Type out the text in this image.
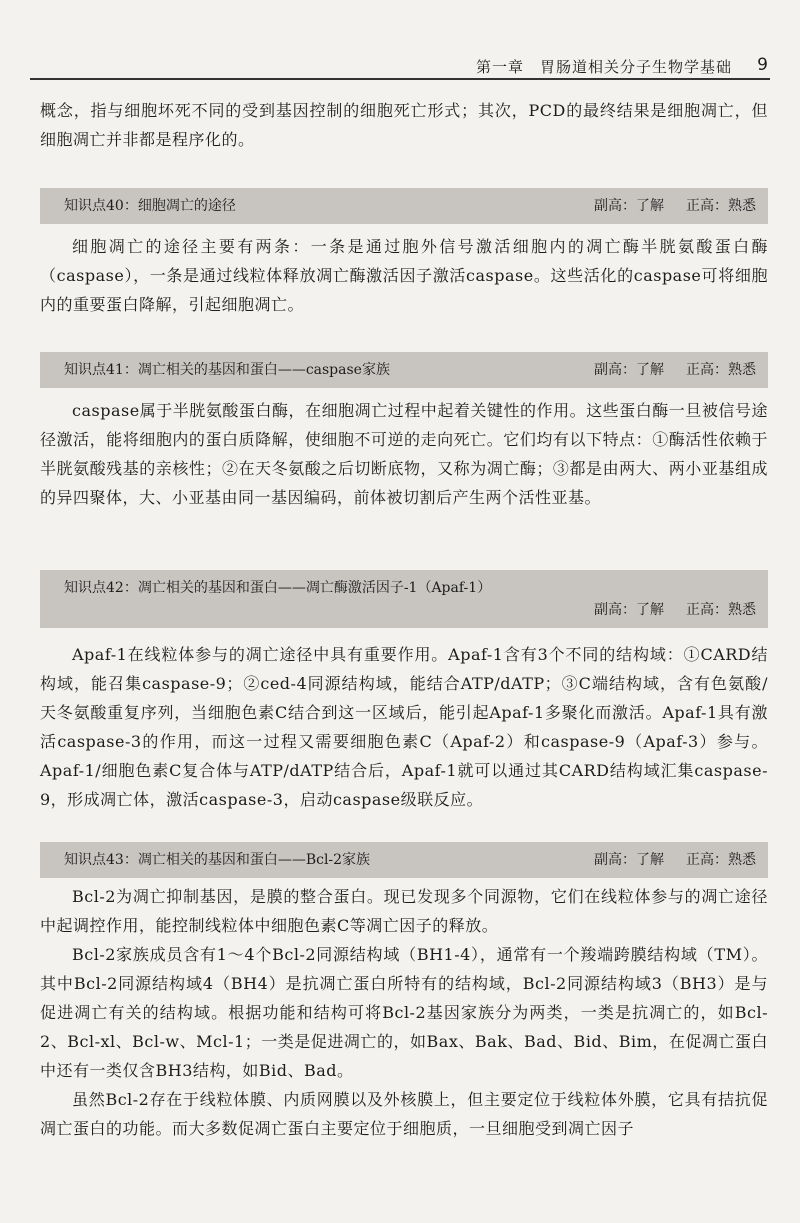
第一章　胃肠道相关分子生物学基础 9

概念，指与细胞坏死不同的受到基因控制的细胞死亡形式；其次，PCD的最终结果是细胞凋亡，但细胞凋亡并非都是程序化的。

知识点40：细胞凋亡的途径	副高：了解 正高：熟悉

细胞凋亡的途径主要有两条：一条是通过胞外信号激活细胞内的凋亡酶半胱氨酸蛋白酶（caspase），一条是通过线粒体释放凋亡酶激活因子激活caspase。这些活化的caspase可将细胞内的重要蛋白降解，引起细胞凋亡。

知识点41：凋亡相关的基因和蛋白——caspase家族	副高：了解 正高：熟悉

caspase属于半胱氨酸蛋白酶，在细胞凋亡过程中起着关键性的作用。这些蛋白酶一旦被信号途径激活，能将细胞内的蛋白质降解，使细胞不可逆的走向死亡。它们均有以下特点：①酶活性依赖于半胱氨酸残基的亲核性；②在天冬氨酸之后切断底物，又称为凋亡酶；③都是由两大、两小亚基组成的异四聚体，大、小亚基由同一基因编码，前体被切割后产生两个活性亚基。

知识点42：凋亡相关的基因和蛋白——凋亡酶激活因子-1（Apaf-1）
副高：了解 正高：熟悉

Apaf-1在线粒体参与的凋亡途径中具有重要作用。Apaf-1含有3个不同的结构域：①CARD结构域，能召集caspase-9；②ced-4同源结构域，能结合ATP/dATP；③C端结构域，含有色氨酸/天冬氨酸重复序列，当细胞色素C结合到这一区域后，能引起Apaf-1多聚化而激活。Apaf-1具有激活caspase-3的作用，而这一过程又需要细胞色素C（Apaf-2）和caspase-9（Apaf-3）参与。Apaf-1/细胞色素C复合体与ATP/dATP结合后，Apaf-1就可以通过其CARD结构域汇集caspase-9，形成凋亡体，激活caspase-3，启动caspase级联反应。

知识点43：凋亡相关的基因和蛋白——Bcl-2家族	副高：了解 正高：熟悉

Bcl-2为凋亡抑制基因，是膜的整合蛋白。现已发现多个同源物，它们在线粒体参与的凋亡途径中起调控作用，能控制线粒体中细胞色素C等凋亡因子的释放。

Bcl-2家族成员含有1～4个Bcl-2同源结构域（BH1-4），通常有一个羧端跨膜结构域（TM）。其中Bcl-2同源结构域4（BH4）是抗凋亡蛋白所特有的结构域，Bcl-2同源结构域3（BH3）是与促进凋亡有关的结构域。根据功能和结构可将Bcl-2基因家族分为两类，一类是抗凋亡的，如Bcl-2、Bcl-xl、Bcl-w、Mcl-1；一类是促进凋亡的，如Bax、Bak、Bad、Bid、Bim，在促凋亡蛋白中还有一类仅含BH3结构，如Bid、Bad。

虽然Bcl-2存在于线粒体膜、内质网膜以及外核膜上，但主要定位于线粒体外膜，它具有拮抗促凋亡蛋白的功能。而大多数促凋亡蛋白主要定位于细胞质，一旦细胞受到凋亡因子
